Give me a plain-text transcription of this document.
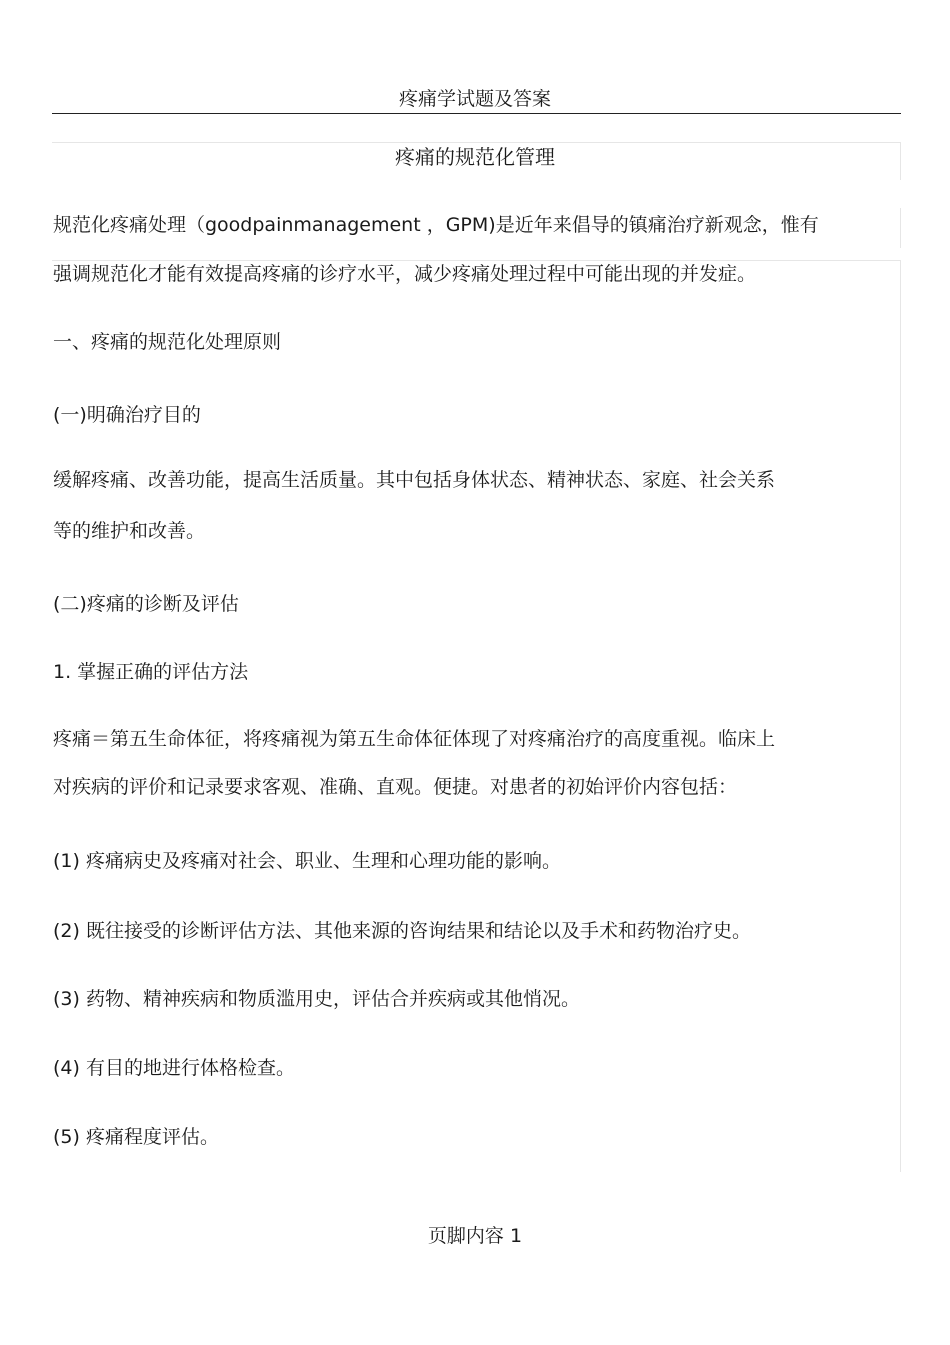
疼痛学试题及答案
疼痛的规范化管理
规范化疼痛处理（goodpainmanagement ，GPM)是近年来倡导的镇痛治疗新观念，惟有
强调规范化才能有效提高疼痛的诊疗水平，减少疼痛处理过程中可能出现的并发症。
一、疼痛的规范化处理原则
(一)明确治疗目的
缓解疼痛、改善功能，提高生活质量。其中包括身体状态、精神状态、家庭、社会关系
等的维护和改善。
(二)疼痛的诊断及评估
1. 掌握正确的评估方法
疼痛＝第五生命体征，将疼痛视为第五生命体征体现了对疼痛治疗的高度重视。临床上
对疾病的评价和记录要求客观、准确、直观。便捷。对患者的初始评价内容包括：
(1) 疼痛病史及疼痛对社会、职业、生理和心理功能的影响。
(2) 既往接受的诊断评估方法、其他来源的咨询结果和结论以及手术和药物治疗史。
(3) 药物、精神疾病和物质滥用史，评估合并疾病或其他悄况。
(4) 有目的地进行体格检查。
(5) 疼痛程度评估。
页脚内容 1
